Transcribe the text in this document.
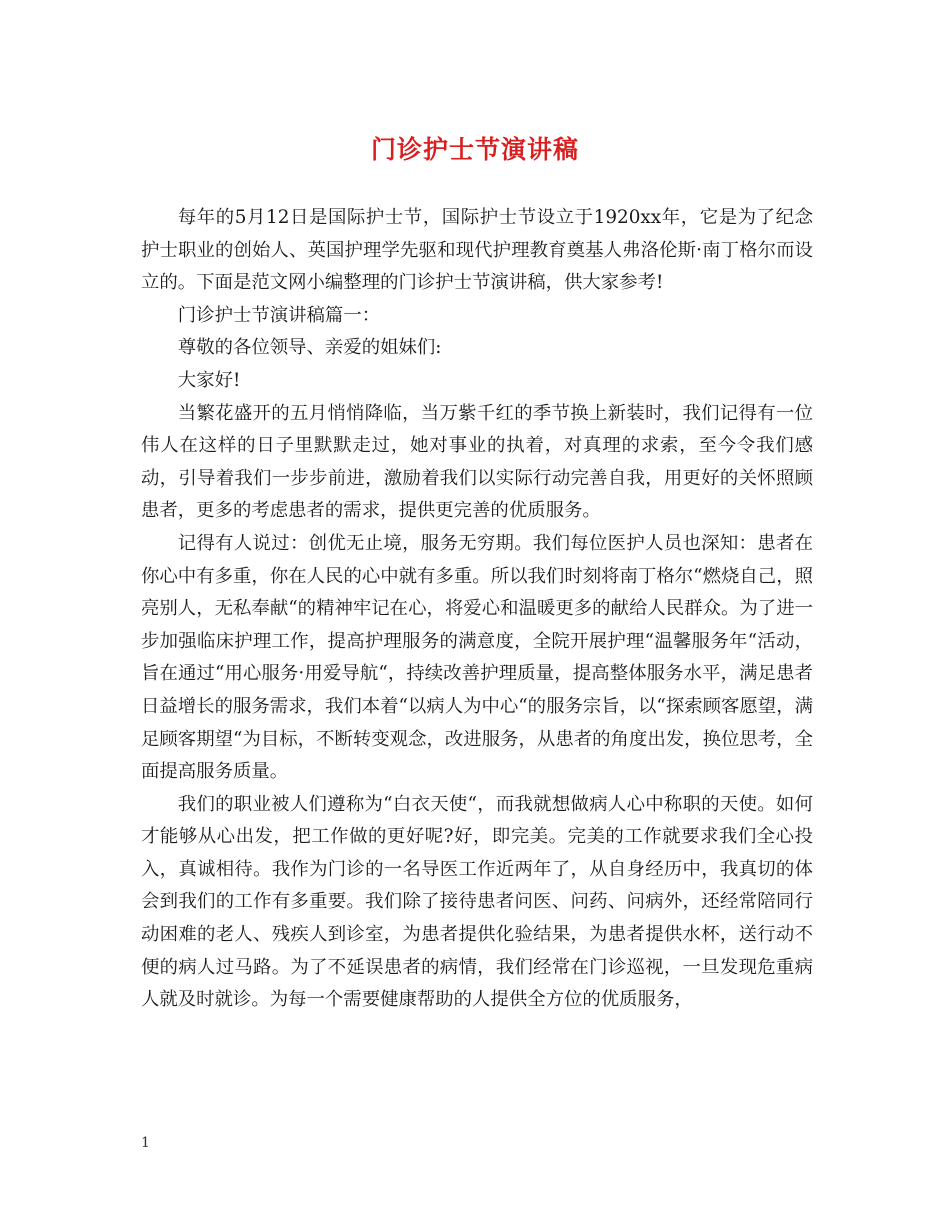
门诊护士节演讲稿

每年的5月12日是国际护士节，国际护士节设立于1920xx年，它是为了纪念护士职业的创始人、英国护理学先驱和现代护理教育奠基人弗洛伦斯·南丁格尔而设立的。下面是范文网小编整理的门诊护士节演讲稿，供大家参考!

门诊护士节演讲稿篇一：

尊敬的各位领导、亲爱的姐妹们:

大家好!

当繁花盛开的五月悄悄降临，当万紫千红的季节换上新装时，我们记得有一位伟人在这样的日子里默默走过，她对事业的执着，对真理的求索，至今令我们感动，引导着我们一步步前进，激励着我们以实际行动完善自我，用更好的关怀照顾患者，更多的考虑患者的需求，提供更完善的优质服务。

记得有人说过：创优无止境，服务无穷期。我们每位医护人员也深知：患者在你心中有多重，你在人民的心中就有多重。所以我们时刻将南丁格尔“燃烧自己，照亮别人，无私奉献“的精神牢记在心，将爱心和温暖更多的献给人民群众。为了进一步加强临床护理工作，提高护理服务的满意度，全院开展护理“温馨服务年“活动，旨在通过“用心服务·用爱导航“，持续改善护理质量，提高整体服务水平，满足患者日益增长的服务需求，我们本着“以病人为中心“的服务宗旨，以“探索顾客愿望，满足顾客期望“为目标，不断转变观念，改进服务，从患者的角度出发，换位思考，全面提高服务质量。

我们的职业被人们遵称为“白衣天使“，而我就想做病人心中称职的天使。如何才能够从心出发，把工作做的更好呢?好，即完美。完美的工作就要求我们全心投入，真诚相待。我作为门诊的一名导医工作近两年了，从自身经历中，我真切的体会到我们的工作有多重要。我们除了接待患者问医、问药、问病外，还经常陪同行动困难的老人、残疾人到诊室，为患者提供化验结果，为患者提供水杯，送行动不便的病人过马路。为了不延误患者的病情，我们经常在门诊巡视，一旦发现危重病人就及时就诊。为每一个需要健康帮助的人提供全方位的优质服务，

1
